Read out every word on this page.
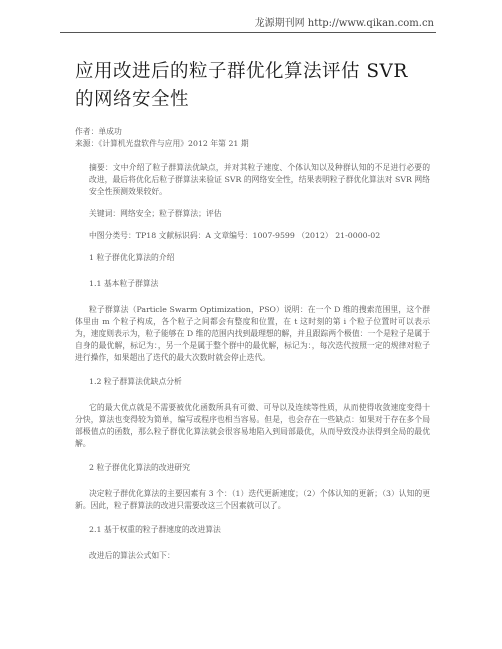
龙源期刊网 http://www.qikan.com.cn
应用改进后的粒子群优化算法评估 SVR 的网络安全性

作者：单成功

来源：《计算机光盘软件与应用》2012 年第 21 期

摘要：文中介绍了粒子群算法优缺点，并对其粒子速度、个体认知以及种群认知的不足进行必要的改进，最后将优化后粒子群算法来验证 SVR 的网络安全性，结果表明粒子群优化算法对 SVR 网络安全性预测效果较好。

关键词：网络安全；粒子群算法；评估

中图分类号：TP18 文献标识码：A 文章编号：1007-9599 （2012） 21-0000-02

1 粒子群优化算法的介绍

1.1 基本粒子群算法

粒子群算法（Particle Swarm Optimization，PSO）说明：在一个 D 维的搜索范围里，这个群体里由 m 个粒子构成，各个粒子之间都会有整度和位置，在 t 这时刻的第 i 个粒子位置时可以表示为，速度则表示为，粒子能够在 D 维的范围内找到最理想的解，并且跟踪两个极值：一个是粒子是属于自身的最优解，标记为：，另一个是属于整个群中的最优解，标记为：，每次迭代按照一定的规律对粒子进行操作，如果超出了迭代的最大次数时就会停止迭代。

1.2 粒子群算法优缺点分析

它的最大优点就是不需要被优化函数所具有可微、可导以及连续等性质，从而使得收敛速度变得十分快，算法也变得较为简单，编写或程序也相当容易。但是，也会存在一些缺点：如果对于存在多个局部极值点的函数，那么粒子群优化算法就会很容易地陷入到局部最优，从而导致没办法得到全局的最优解。

2 粒子群优化算法的改进研究

决定粒子群优化算法的主要因素有 3 个：（1）迭代更新速度；（2）个体认知的更新；（3）认知的更新。因此，粒子群算法的改进只需要改这三个因素就可以了。

2.1 基于权重的粒子群速度的改进算法

改进后的算法公式如下：
